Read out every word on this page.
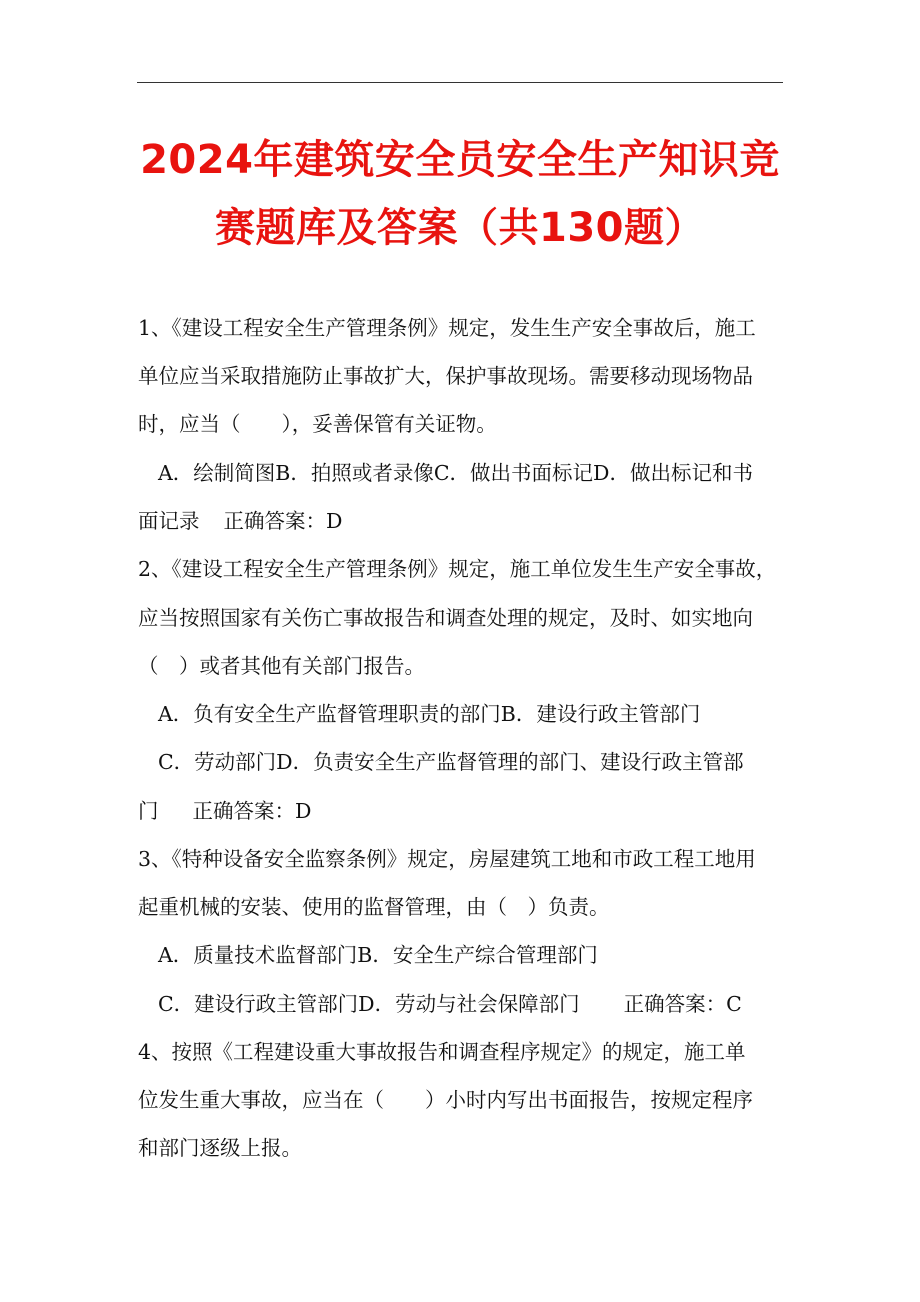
2024年建筑安全员安全生产知识竞
赛题库及答案（共130题）
1、《建设工程安全生产管理条例》规定，发生生产安全事故后，施工
单位应当采取措施防止事故扩大，保护事故现场。需要移动现场物品
时，应当（　　），妥善保管有关证物。
A．绘制简图B．拍照或者录像C．做出书面标记D．做出标记和书
面记录 正确答案：D
2、《建设工程安全生产管理条例》规定，施工单位发生生产安全事故，
应当按照国家有关伤亡事故报告和调查处理的规定，及时、如实地向
（　）或者其他有关部门报告。
A．负有安全生产监督管理职责的部门B．建设行政主管部门
C．劳动部门D．负责安全生产监督管理的部门、建设行政主管部
门 正确答案：D
3、《特种设备安全监察条例》规定，房屋建筑工地和市政工程工地用
起重机械的安装、使用的监督管理，由（　）负责。
A．质量技术监督部门B．安全生产综合管理部门
C．建设行政主管部门D．劳动与社会保障部门 正确答案：C
4、按照《工程建设重大事故报告和调查程序规定》的规定，施工单
位发生重大事故，应当在（　　）小时内写出书面报告，按规定程序
和部门逐级上报。
